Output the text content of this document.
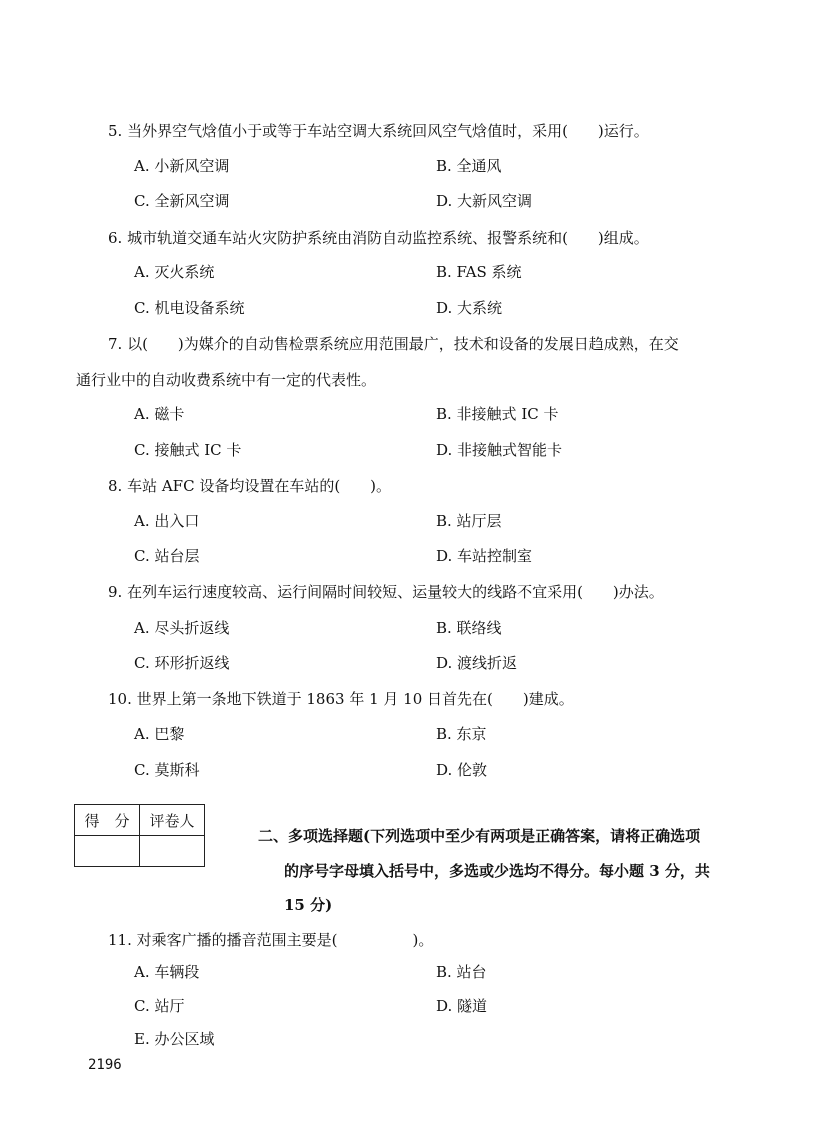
5. 当外界空气焓值小于或等于车站空调大系统回风空气焓值时，采用(　　)运行。
A. 小新风空调	B. 全通风
C. 全新风空调	D. 大新风空调
6. 城市轨道交通车站火灾防护系统由消防自动监控系统、报警系统和(　　)组成。
A. 灭火系统	B. FAS 系统
C. 机电设备系统	D. 大系统
7. 以(　　)为媒介的自动售检票系统应用范围最广，技术和设备的发展日趋成熟，在交
通行业中的自动收费系统中有一定的代表性。
A. 磁卡	B. 非接触式 IC 卡
C. 接触式 IC 卡	D. 非接触式智能卡
8. 车站 AFC 设备均设置在车站的(　　)。
A. 出入口	B. 站厅层
C. 站台层	D. 车站控制室
9. 在列车运行速度较高、运行间隔时间较短、运量较大的线路不宜采用(　　)办法。
A. 尽头折返线	B. 联络线
C. 环形折返线	D. 渡线折返
10. 世界上第一条地下铁道于 1863 年 1 月 10 日首先在(　　)建成。
A. 巴黎	B. 东京
C. 莫斯科	D. 伦敦
得　分	评卷人

二、多项选择题(下列选项中至少有两项是正确答案，请将正确选项
的序号字母填入括号中，多选或少选均不得分。每小题 3 分，共
15 分)
11. 对乘客广播的播音范围主要是(　　　　　)。
A. 车辆段	B. 站台
C. 站厅	D. 隧道
E. 办公区域
2196
